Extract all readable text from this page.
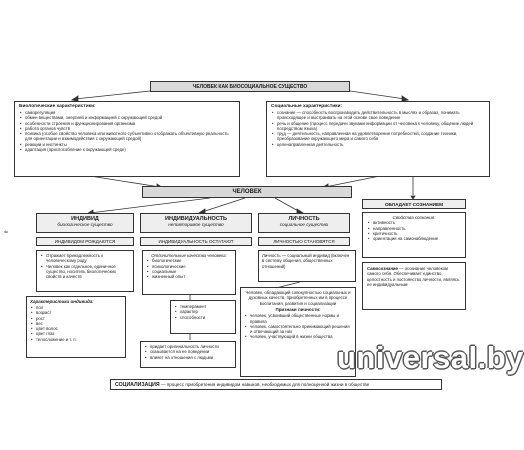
ЧЕЛОВЕК КАК БИОСОЦИАЛЬНОЕ СУЩЕСТВО
Биологические характеристики:
• саморегуляция
• обмен веществами, энергией и информацией с окружающей средой
• особенности строения и функционирования организма
• работа органов чувств
• психика (особое свойство человека или животного субъективно отображать объективную реальность для ориентации и взаимодействия с окружающей средой)
• реакции и инстинкты
• адаптация (приспособление к окружающей среде)
Социальные характеристики:
• сознание — способность воспроизводить действительность в мыслях и образах, понимать происходящее и выстраивать на этой основе свое поведение
• речь и общение (процесс передачи звуками информации от человека к человеку, общение людей посредством языка)
• труд — деятельность, направленная на удовлетворение потребностей, создание техники, преобразование окружающего мира и самого себя
• целенаправленная деятельность
ЧЕЛОВЕК
4к
ИНДИВИД
биологическое существо
ИНДИВИДОМ РОЖДАЮТСЯ
• Отражает принадлежность к человеческому роду
• Человек как отдельное, единичное существо, носитель биологических свойств и качеств
Характеристики индивида:
• пол
• возраст
• рост
• вес
• цвет волос
• цвет глаз
• телосложение и т. п.
ИНДИВИДУАЛЬНОСТЬ
неповторимое существо
ИНДИВИДУАЛЬНОСТЬ ОСТАТАЮТ
Отличительные качества человека:
• биологические
• психологические
• социальные
• жизненный опыт
• темперамент
• характер
• способности
• придает оригинальность личности
• сказывается на ее поведении
• влияет на отношения с людьми
ЛИЧНОСТЬ
социальное существо
ЛИЧНОСТЬЮ СТАНОВЯТСЯ
Личность — социальный индивид (включен в систему общения, общественных отношений)
Человек, обладающий совокупностью социальных и духовных качеств, приобретенных им в процессе воспитания, развития и социализации
Признаки личности:
• человек, усвоивший общественные нормы и правила
• человек, самостоятельно принимающий решения и отвечающий за них
• человек, участвующий в жизни общества
ОБЛАДАЕТ СОЗНАНИЕМ
Свойства сознания:
• активность
• направленность
• критичность
• ориентация на самонаблюдение
Самосознание — осознание человеком самого себя. Обеспечивает единство, целостность и постоянство личности, являясь ее индивидуальным
СОЦИАЛИЗАЦИЯ — процесс приобретения индивидом навыков, необходимых для полноценной жизни в обществе
universal.by
